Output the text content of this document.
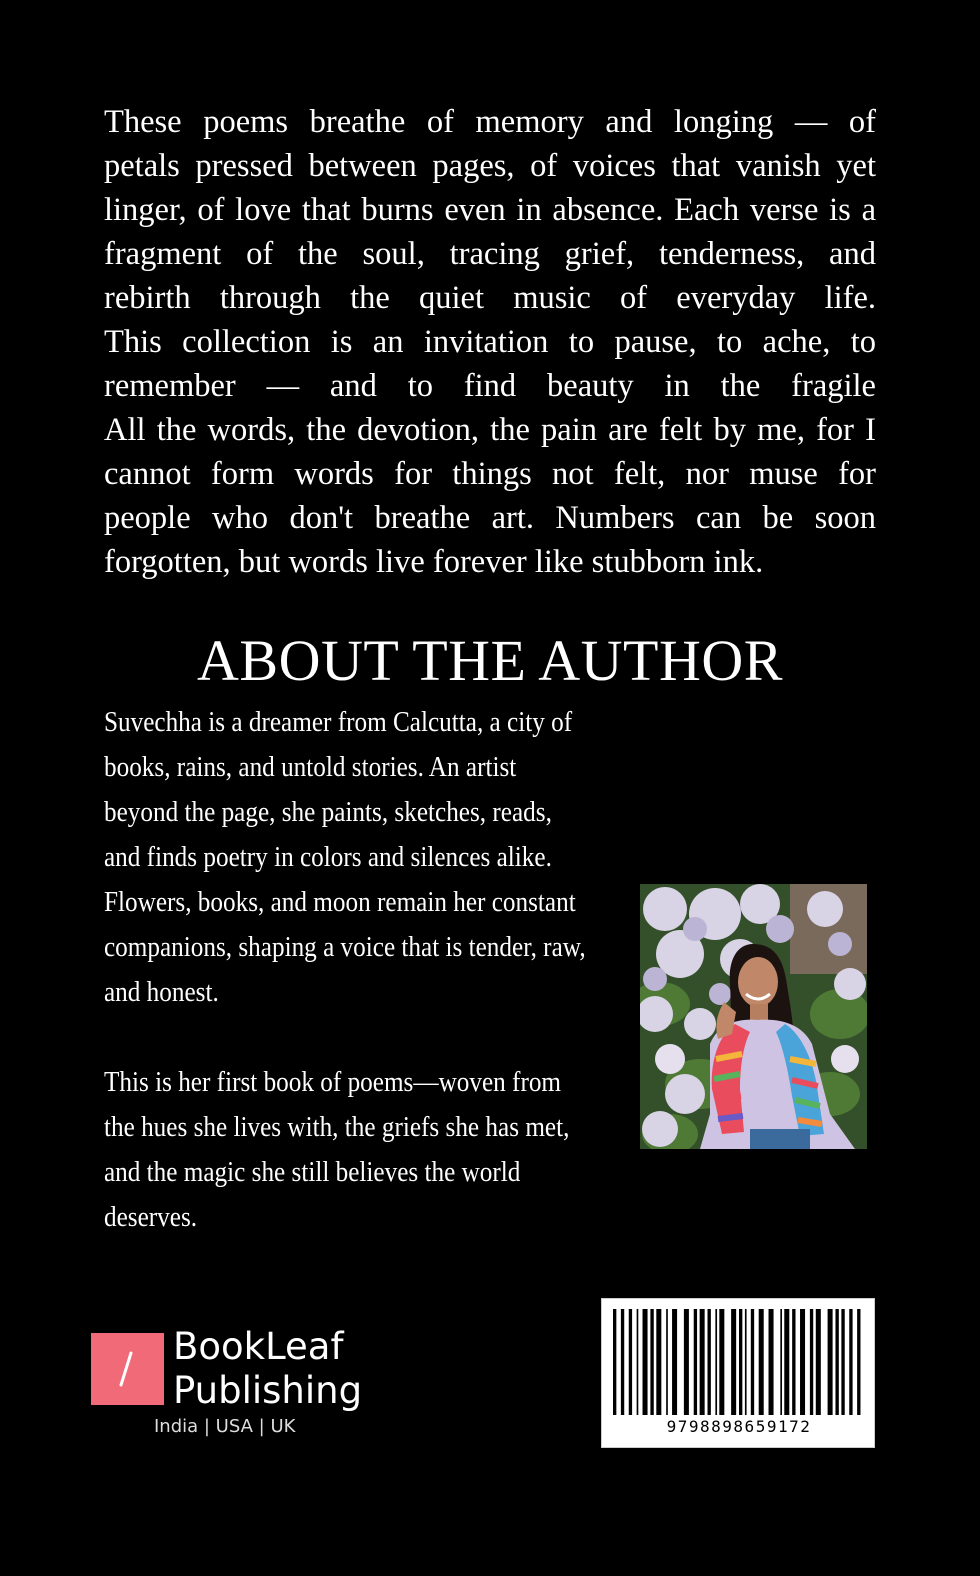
These poems breathe of memory and longing — of

petals pressed between pages, of voices that vanish yet

linger, of love that burns even in absence. Each verse is a

fragment of the soul, tracing grief, tenderness, and

rebirth through the quiet music of everyday life.

This collection is an invitation to pause, to ache, to

remember — and to find beauty in the fragile

All the words, the devotion, the pain are felt by me, for I

cannot form words for things not felt, nor muse for

people who don't breathe art. Numbers can be soon

forgotten, but words live forever like stubborn ink.

ABOUT THE AUTHOR

Suvechha is a dreamer from Calcutta, a city of books, rains, and untold stories. An artist beyond the page, she paints, sketches, reads, and finds poetry in colors and silences alike. Flowers, books, and moon remain her constant companions, shaping a voice that is tender, raw, and honest.

This is her first book of poems—woven from the hues she lives with, the griefs she has met, and the magic she still believes the world deserves.

BookLeaf
Publishing
India | USA | UK	9798898659172
